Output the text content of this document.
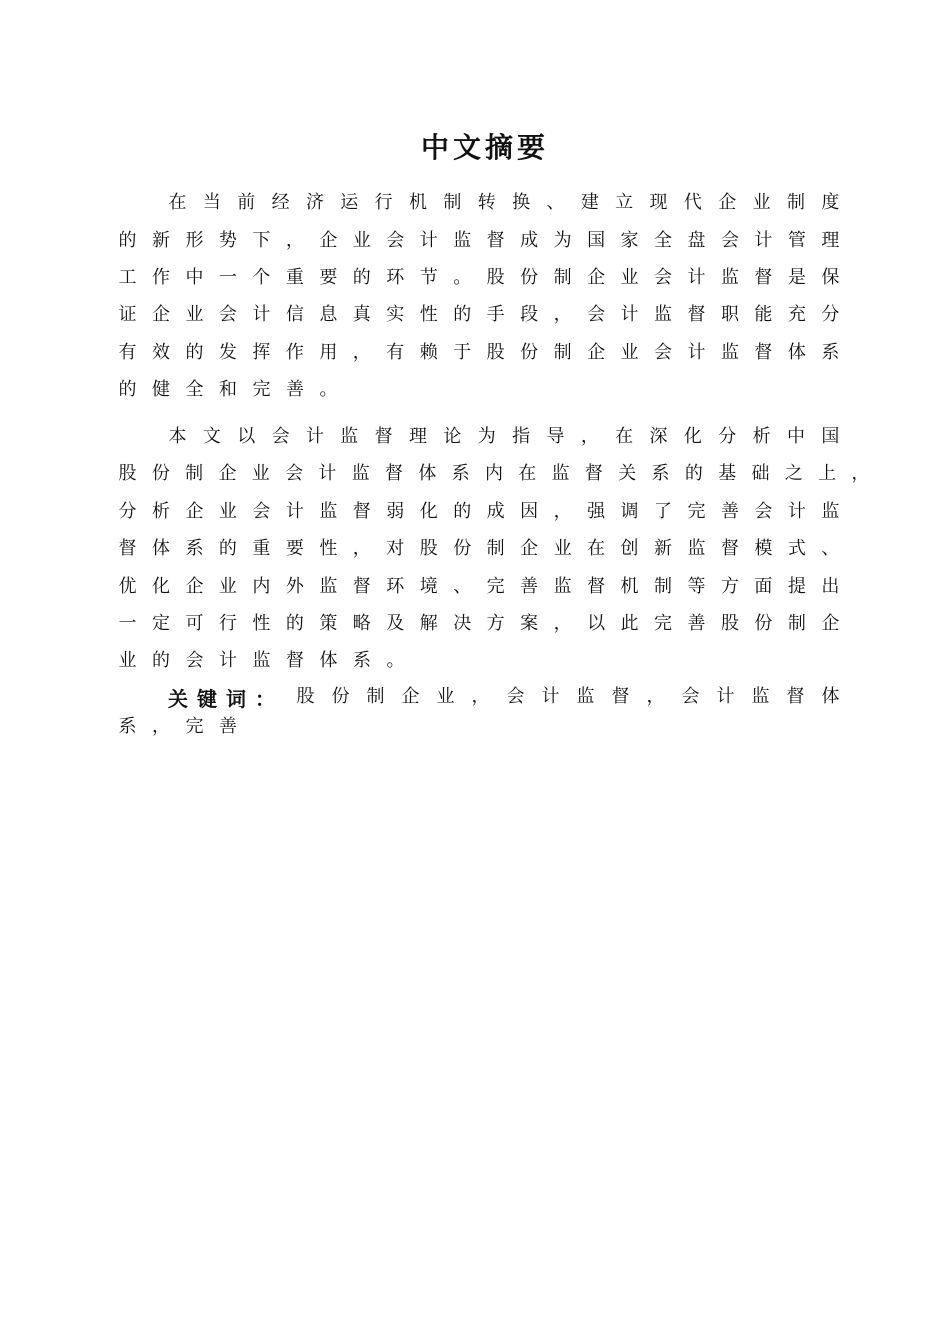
中文摘要
在 当 前 经 济 运 行 机 制 转 换 、 建 立 现 代 企 业 制 度
的 新 形 势 下 ， 企 业 会 计 监 督 成 为 国 家 全 盘 会 计 管 理
工 作 中 一 个 重 要 的 环 节 。 股 份 制 企 业 会 计 监 督 是 保
证 企 业 会 计 信 息 真 实 性 的 手 段 ， 会 计 监 督 职 能 充 分
有 效 的 发 挥 作 用 ， 有 赖 于 股 份 制 企 业 会 计 监 督 体 系
的 健 全 和 完 善 。
本 文 以 会 计 监 督 理 论 为 指 导 ， 在 深 化 分 析 中 国
股 份 制 企 业 会 计 监 督 体 系 内 在 监 督 关 系 的 基 础 之 上 ，
分 析 企 业 会 计 监 督 弱 化 的 成 因 ， 强 调 了 完 善 会 计 监
督 体 系 的 重 要 性 ， 对 股 份 制 企 业 在 创 新 监 督 模 式 、
优 化 企 业 内 外 监 督 环 境 、 完 善 监 督 机 制 等 方 面 提 出
一 定 可 行 性 的 策 略 及 解 决 方 案 ， 以 此 完 善 股 份 制 企
业 的 会 计 监 督 体 系 。
关键词： 股 份 制 企 业 ， 会 计 监 督 ， 会 计 监 督 体
系 ， 完 善
